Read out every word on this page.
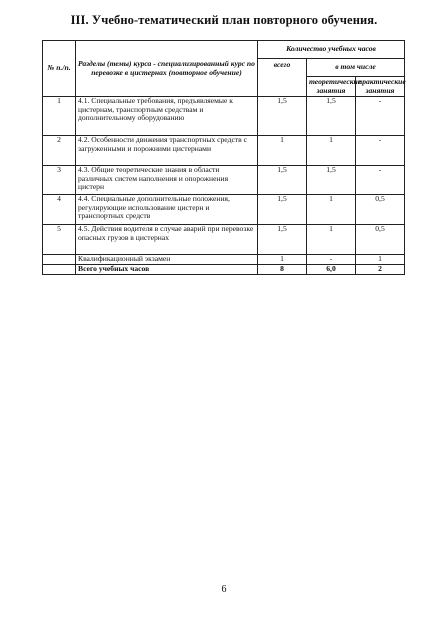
III. Учебно-тематический план повторного обучения.
№ п./п.	Разделы (темы) курса - специализированный курс по перевозке в цистернах (повторное обучение)	Количество учебных часов		
		всего	в том числе	
			теоретические занятия	практические занятия
1	4.1. Специальные требования, предъявляемые к цистернам, транспортным средствам и дополнительному оборудованию	1,5	1,5	-
2	4.2. Особенности движения транспортных средств с загруженными и порожними цистернами	1	1	-
3	4.3. Общие теоретические знания в области различных систем наполнения и опорожнения цистерн	1,5	1,5	-
4	4.4. Специальные дополнительные положения, регулирующие использование цистерн и транспортных средств	1,5	1	0,5
5	4.5. Действия водителя в случае аварий при перевозке опасных грузов в цистернах	1,5	1	0,5
	Квалификационный экзамен	1	-	1
	Всего учебных часов	8	6,0	2
6
